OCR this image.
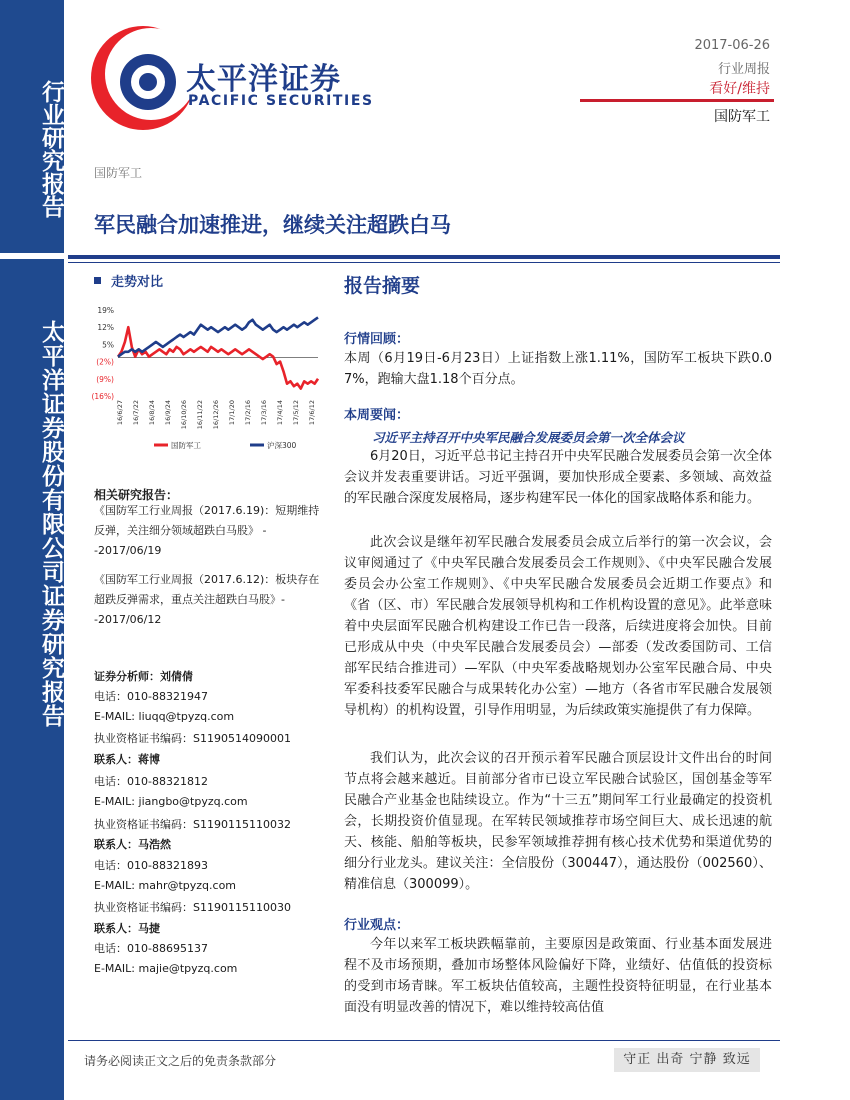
行业研究报告
太平洋证券股份有限公司证券研究报告
太平洋证券
PACIFIC SECURITIES
2017-06-26
行业周报
看好/维持
国防军工
国防军工
军民融合加速推进，继续关注超跌白马
走势对比
19%
12%
5%
(2%)
(9%)
(16%)
16/6/27 16/7/22 16/8/24 16/9/24 16/10/26 16/11/22 16/12/26 17/1/20 17/2/16 17/3/16 17/4/14 17/5/12 17/6/12
国防军工	沪深300
相关研究报告：
《国防军工行业周报（2017.6.19)：短期维持反弹，关注细分领域超跌白马股》 --2017/06/19
《国防军工行业周报（2017.6.12)：板块存在超跌反弹需求，重点关注超跌白马股》--2017/06/12
证券分析师：刘倩倩
电话：010-88321947
E-MAIL: liuqq@tpyzq.com
执业资格证书编码：S1190514090001
联系人：蒋博
电话：010-88321812
E-MAIL: jiangbo@tpyzq.com
执业资格证书编码：S1190115110032
联系人：马浩然
电话：010-88321893
E-MAIL: mahr@tpyzq.com
执业资格证书编码：S1190115110030
联系人：马捷
电话：010-88695137
E-MAIL: majie@tpyzq.com
报告摘要
行情回顾：
本周（6月19日-6月23日）上证指数上涨1.11%，国防军工板块下跌0.07%，跑输大盘1.18个百分点。
本周要闻：
习近平主持召开中央军民融合发展委员会第一次全体会议
6月20日，习近平总书记主持召开中央军民融合发展委员会第一次全体会议并发表重要讲话。习近平强调，要加快形成全要素、多领域、高效益的军民融合深度发展格局，逐步构建军民一体化的国家战略体系和能力。
此次会议是继年初军民融合发展委员会成立后举行的第一次会议，会议审阅通过了《中央军民融合发展委员会工作规则》、《中央军民融合发展委员会办公室工作规则》、《中央军民融合发展委员会近期工作要点》和《省（区、市）军民融合发展领导机构和工作机构设置的意见》。此举意味着中央层面军民融合机构建设工作已告一段落，后续进度将会加快。目前已形成从中央（中央军民融合发展委员会）—部委（发改委国防司、工信部军民结合推进司）—军队（中央军委战略规划办公室军民融合局、中央军委科技委军民融合与成果转化办公室）—地方（各省市军民融合发展领导机构）的机构设置，引导作用明显，为后续政策实施提供了有力保障。
我们认为，此次会议的召开预示着军民融合顶层设计文件出台的时间节点将会越来越近。目前部分省市已设立军民融合试验区，国创基金等军民融合产业基金也陆续设立。作为“十三五”期间军工行业最确定的投资机会，长期投资价值显现。在军转民领域推荐市场空间巨大、成长迅速的航天、核能、船舶等板块，民参军领域推荐拥有核心技术优势和渠道优势的细分行业龙头。建议关注：全信股份（300447），通达股份（002560）、精准信息（300099）。
行业观点：
今年以来军工板块跌幅靠前，主要原因是政策面、行业基本面发展进程不及市场预期，叠加市场整体风险偏好下降，业绩好、估值低的投资标的受到市场青睐。军工板块估值较高，主题性投资特征明显，在行业基本面没有明显改善的情况下，难以维持较高估值
请务必阅读正文之后的免责条款部分	守正 出奇 宁静 致远
